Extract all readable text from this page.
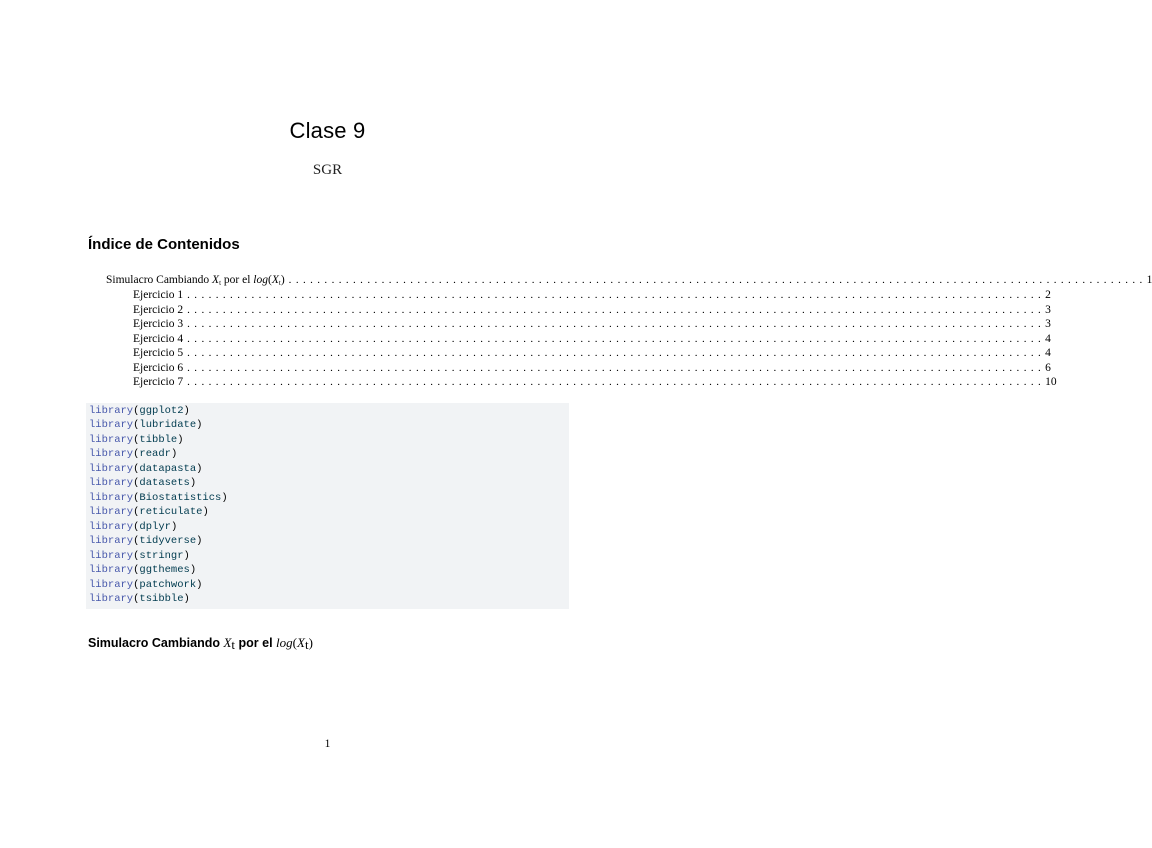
Clase 9
SGR
Índice de Contenidos
Simulacro Cambiando $X_t$ por el $\log(X_t)$ ........................................................................................................................ 1
Ejercicio 1 ........................................................................................................................ 2
Ejercicio 2 ........................................................................................................................ 3
Ejercicio 3 ........................................................................................................................ 3
Ejercicio 4 ........................................................................................................................ 4
Ejercicio 5 ........................................................................................................................ 4
Ejercicio 6 ........................................................................................................................ 6
Ejercicio 7 ........................................................................................................................ 10
library(ggplot2)
library(lubridate)
library(tibble)
library(readr)
library(datapasta)
library(datasets)
library(Biostatistics)
library(reticulate)
library(dplyr)
library(tidyverse)
library(stringr)
library(ggthemes)
library(patchwork)
library(tsibble)
Simulacro Cambiando $X_t$ por el $\log(X_t)$
1
